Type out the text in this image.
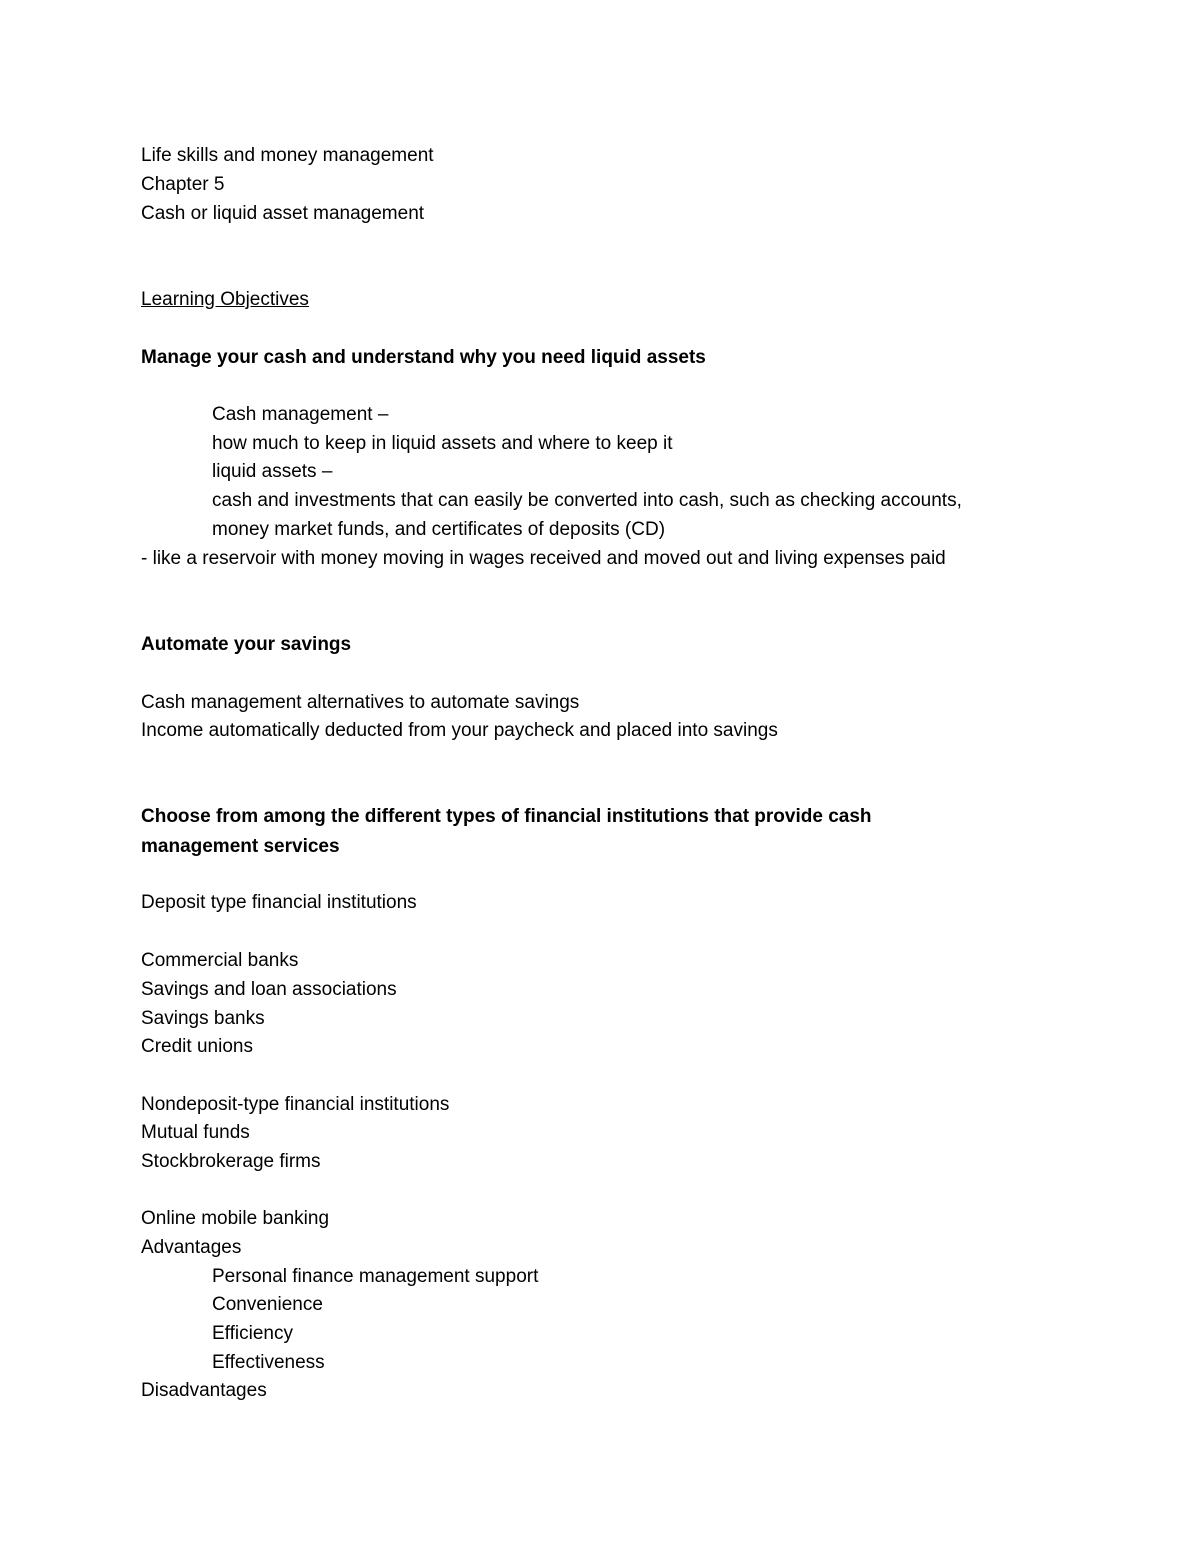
Life skills and money management
Chapter 5
Cash or liquid asset management
Learning Objectives
Manage your cash and understand why you need liquid assets
Cash management –
how much to keep in liquid assets and where to keep it
liquid assets –
cash and investments that can easily be converted into cash, such as checking accounts,
money market funds, and certificates of deposits (CD)
- like a reservoir with money moving in wages received and moved out and living expenses paid
Automate your savings
Cash management alternatives to automate savings
Income automatically deducted from your paycheck and placed into savings
Choose from among the different types of financial institutions that provide cash
management services
Deposit type financial institutions
Commercial banks
Savings and loan associations
Savings banks
Credit unions
Nondeposit-type financial institutions
Mutual funds
Stockbrokerage firms
Online mobile banking
Advantages
Personal finance management support
Convenience
Efficiency
Effectiveness
Disadvantages
